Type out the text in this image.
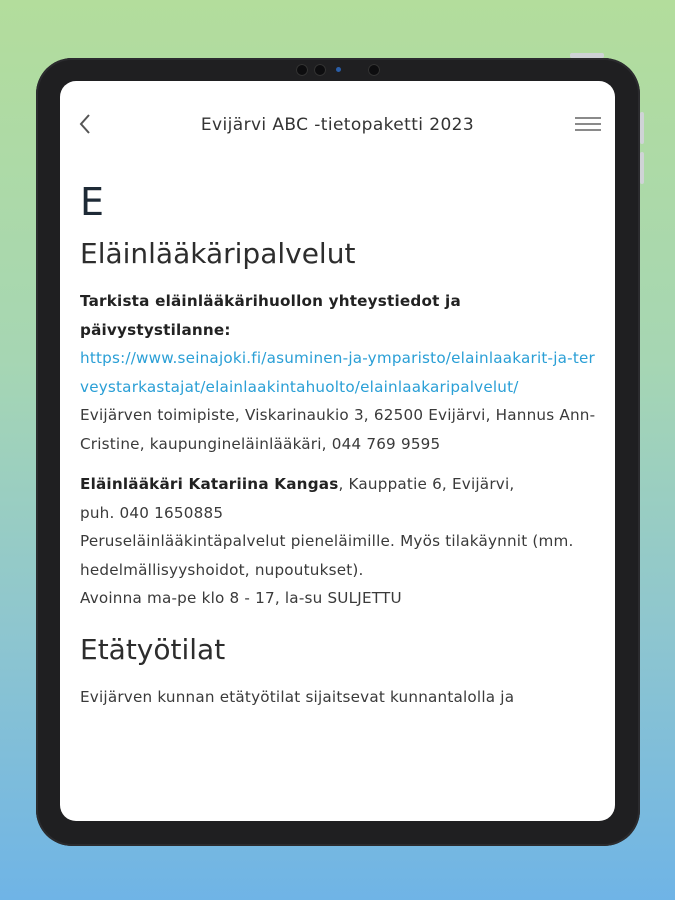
Evijärvi ABC -tietopaketti 2023
E
Eläinlääkäripalvelut

Tarkista eläinlääkärihuollon yhteystiedot ja päivystystilanne:

https://www.seinajoki.fi/asuminen-ja-ymparisto/elainlaakarit-ja-terveystarkastajat/elainlaakintahuolto/elainlaakaripalvelut/

Evijärven toimipiste, Viskarinaukio 3, 62500 Evijärvi, Hannus Ann-Cristine, kaupungineläinlääkäri, 044 769 9595

Eläinlääkäri Katariina Kangas, Kauppatie 6, Evijärvi,
puh. 040 1650885
Peruseläinlääkintäpalvelut pieneläimille. Myös tilakäynnit (mm. hedelmällisyyshoidot, nupoutukset).
Avoinna ma-pe klo 8 - 17, la-su SULJETTU

Etätyötilat

Evijärven kunnan etätyötilat sijaitsevat kunnantalolla ja
